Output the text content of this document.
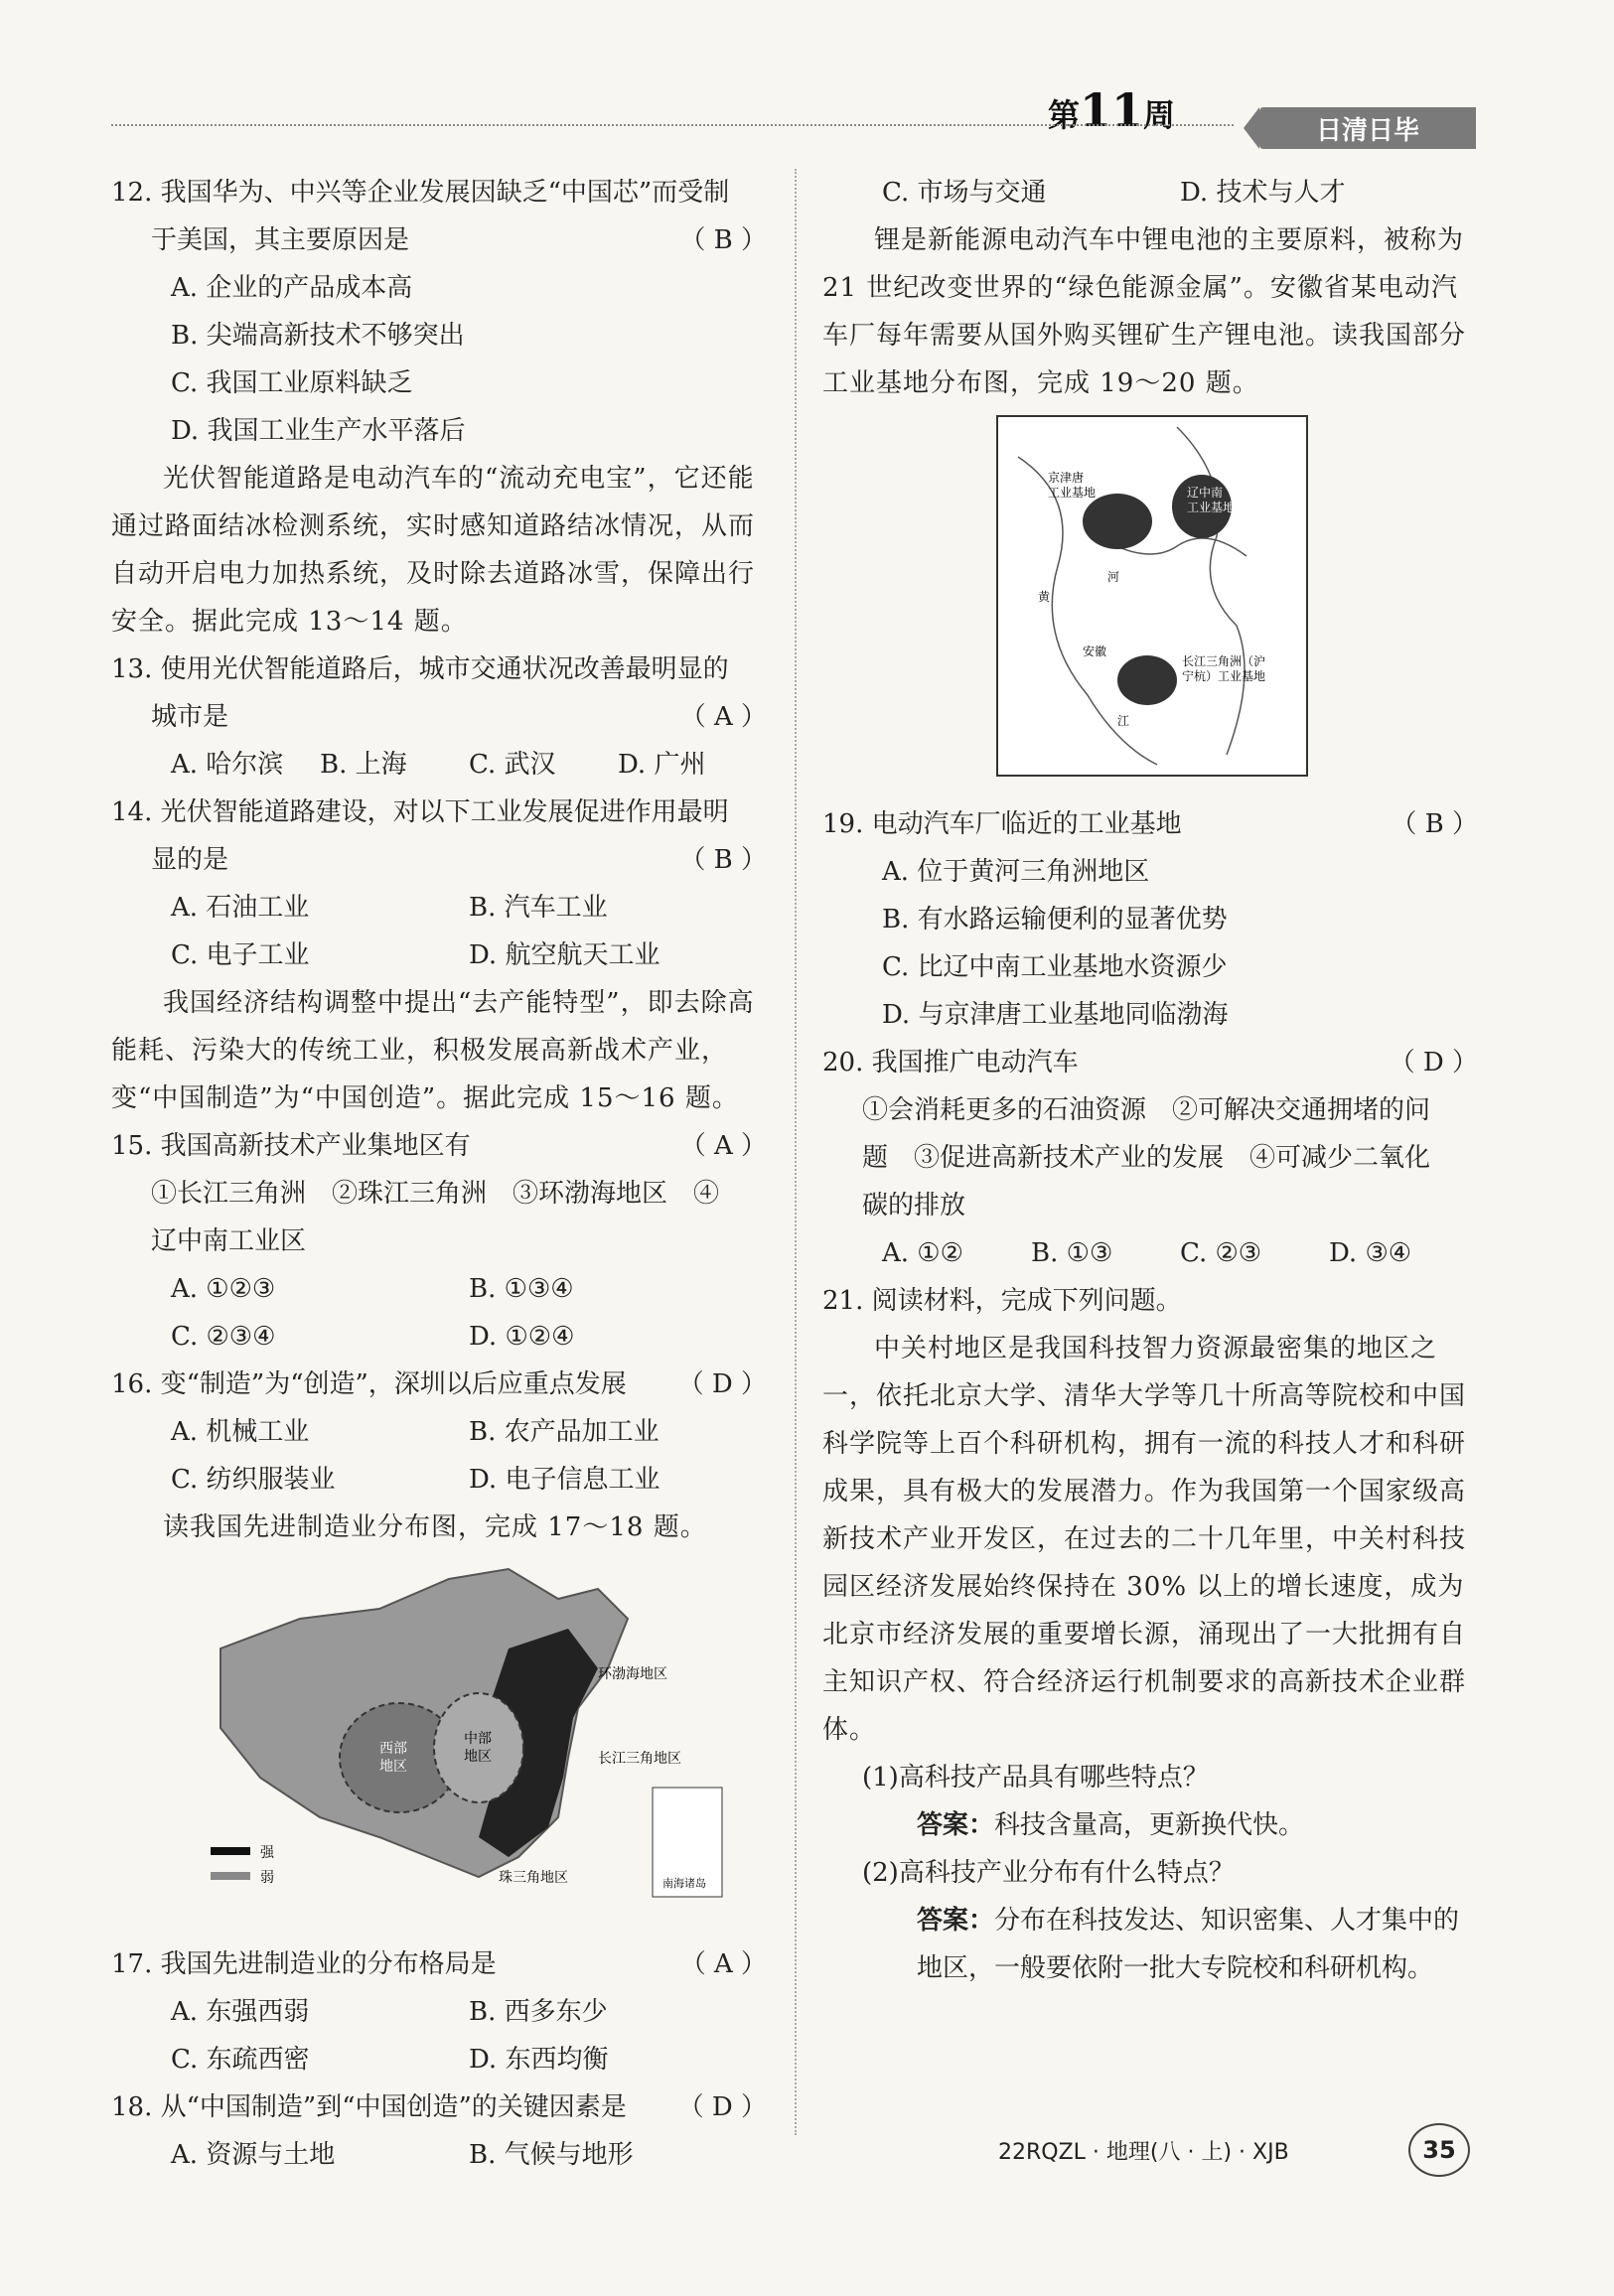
第11周	日清日毕

12. 我国华为、中兴等企业发展因缺乏“中国芯”而受制

于美国，其主要原因是	（ B ）

A. 企业的产品成本高

B. 尖端高新技术不够突出

C. 我国工业原料缺乏

D. 我国工业生产水平落后

光伏智能道路是电动汽车的“流动充电宝”，它还能通过路面结冰检测系统，实时感知道路结冰情况，从而自动开启电力加热系统，及时除去道路冰雪，保障出行安全。据此完成 13～14 题。

13. 使用光伏智能道路后，城市交通状况改善最明显的

城市是	（ A ）

A. 哈尔滨	B. 上海	C. 武汉	D. 广州

14. 光伏智能道路建设，对以下工业发展促进作用最明

显的是	（ B ）

A. 石油工业	B. 汽车工业
C. 电子工业	D. 航空航天工业

我国经济结构调整中提出“去产能特型”，即去除高能耗、污染大的传统工业，积极发展高新战术产业，变“中国制造”为“中国创造”。据此完成 15～16 题。

15. 我国高新技术产业集地区有	（ A ）

①长江三角洲　②珠江三角洲　③环渤海地区　④

辽中南工业区

A. ①②③	B. ①③④
C. ②③④	D. ①②④

16. 变“制造”为“创造”，深圳以后应重点发展 （ D ）

A. 机械工业	B. 农产品加工业
C. 纺织服装业	D. 电子信息工业

读我国先进制造业分布图，完成 17～18 题。

西部
地区
中部
地区
环渤海地区
长江三角地区
珠三角地区	南海诸岛
强
弱

17. 我国先进制造业的分布格局是	（ A ）

A. 东强西弱	B. 西多东少
C. 东疏西密	D. 东西均衡

18. 从“中国制造”到“中国创造”的关键因素是 （ D ）

A. 资源与土地	B. 气候与地形
C. 市场与交通	D. 技术与人才

锂是新能源电动汽车中锂电池的主要原料，被称为 21 世纪改变世界的“绿色能源金属”。安徽省某电动汽车厂每年需要从国外购买锂矿生产锂电池。读我国部分工业基地分布图，完成 19～20 题。

京津唐
工业基地	辽中南
工业基地
安徽
长江三角洲（沪
宁杭）工业基地
河
黄
江

19. 电动汽车厂临近的工业基地	（ B ）

A. 位于黄河三角洲地区

B. 有水路运输便利的显著优势

C. 比辽中南工业基地水资源少

D. 与京津唐工业基地同临渤海

20. 我国推广电动汽车	（ D ）

①会消耗更多的石油资源　②可解决交通拥堵的问

题　③促进高新技术产业的发展　④可减少二氧化

碳的排放

A. ①②	B. ①③	C. ②③	D. ③④

21. 阅读材料，完成下列问题。

中关村地区是我国科技智力资源最密集的地区之一，依托北京大学、清华大学等几十所高等院校和中国科学院等上百个科研机构，拥有一流的科技人才和科研成果，具有极大的发展潜力。作为我国第一个国家级高新技术产业开发区，在过去的二十几年里，中关村科技园区经济发展始终保持在 30% 以上的增长速度，成为北京市经济发展的重要增长源，涌现出了一大批拥有自主知识产权、符合经济运行机制要求的高新技术企业群体。

(1)高科技产品具有哪些特点？

答案：科技含量高，更新换代快。

(2)高科技产业分布有什么特点？

答案：分布在科技发达、知识密集、人才集中的地区，一般要依附一批大专院校和科研机构。

22RQZL · 地理(八 · 上) · XJB	35
